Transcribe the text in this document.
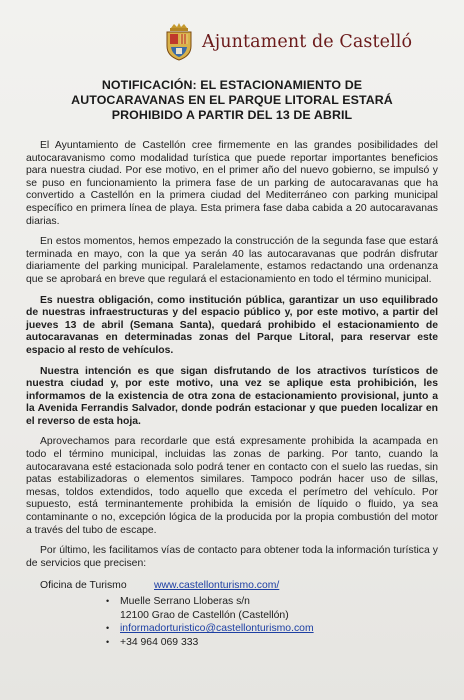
Ajuntament de Castelló
NOTIFICACIÓN: EL ESTACIONAMIENTO DE
AUTOCARAVANAS EN EL PARQUE LITORAL ESTARÁ
PROHIBIDO A PARTIR DEL 13 DE ABRIL

El Ayuntamiento de Castellón cree firmemente en las grandes posibilidades del autocaravanismo como modalidad turística que puede reportar importantes beneficios para nuestra ciudad. Por ese motivo, en el primer año del nuevo gobierno, se impulsó y se puso en funcionamiento la primera fase de un parking de autocaravanas que ha convertido a Castellón en la primera ciudad del Mediterráneo con parking municipal específico en primera línea de playa. Esta primera fase daba cabida a 20 autocaravanas diarias.

En estos momentos, hemos empezado la construcción de la segunda fase que estará terminada en mayo, con la que ya serán 40 las autocaravanas que podrán disfrutar diariamente del parking municipal. Paralelamente, estamos redactando una ordenanza que se aprobará en breve que regulará el estacionamiento en todo el término municipal.

Es nuestra obligación, como institución pública, garantizar un uso equilibrado de nuestras infraestructuras y del espacio público y, por este motivo, a partir del jueves 13 de abril (Semana Santa), quedará prohibido el estacionamiento de autocaravanas en determinadas zonas del Parque Litoral, para reservar este espacio al resto de vehículos.

Nuestra intención es que sigan disfrutando de los atractivos turísticos de nuestra ciudad y, por este motivo, una vez se aplique esta prohibición, les informamos de la existencia de otra zona de estacionamiento provisional, junto a la Avenida Ferrandis Salvador, donde podrán estacionar y que pueden localizar en el reverso de esta hoja.

Aprovechamos para recordarle que está expresamente prohibida la acampada en todo el término municipal, incluidas las zonas de parking. Por tanto, cuando la autocaravana esté estacionada solo podrá tener en contacto con el suelo las ruedas, sin patas estabilizadoras o elementos similares. Tampoco podrán hacer uso de sillas, mesas, toldos extendidos, todo aquello que exceda el perímetro del vehículo. Por supuesto, está terminantemente prohibida la emisión de líquido o fluido, ya sea contaminante o no, excepción lógica de la producida por la propia combustión del motor a través del tubo de escape.

Por último, les facilitamos vías de contacto para obtener toda la información turística y de servicios que precisen:

Oficina de Turismo	www.castellonturismo.com/
•	Muelle Serrano Lloberas s/n
12100 Grao de Castellón (Castellón)
•	informadorturistico@castellonturismo.com
•	+34 964 069 333
